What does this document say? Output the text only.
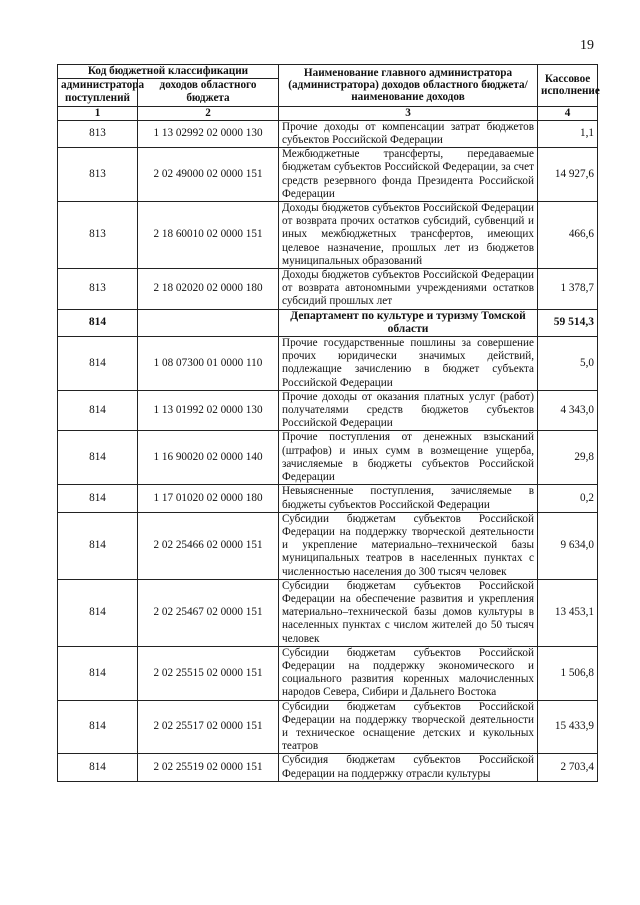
19
Код бюджетной классификации		Наименование главного администратора (администратора) доходов областного бюджета/ наименование доходов	Кассовое исполнение
администратора поступлений	доходов областного бюджета		
1	2	3	4
813	1 13 02992 02 0000 130	Прочие доходы от компенсации затрат бюджетов субъектов Российской Федерации	1,1
813	2 02 49000 02 0000 151	Межбюджетные трансферты, передаваемые бюджетам субъектов Российской Федерации, за счет средств резервного фонда Президента Российской Федерации	14 927,6
813	2 18 60010 02 0000 151	Доходы бюджетов субъектов Российской Федерации от возврата прочих остатков субсидий, субвенций и иных межбюджетных трансфертов, имеющих целевое назначение, прошлых лет из бюджетов муниципальных образований	466,6
813	2 18 02020 02 0000 180	Доходы бюджетов субъектов Российской Федерации от возврата автономными учреждениями остатков субсидий прошлых лет	1 378,7
814		Департамент по культуре и туризму Томской области	59 514,3
814	1 08 07300 01 0000 110	Прочие государственные пошлины за совершение прочих юридически значимых действий, подлежащие зачислению в бюджет субъекта Российской Федерации	5,0
814	1 13 01992 02 0000 130	Прочие доходы от оказания платных услуг (работ) получателями средств бюджетов субъектов Российской Федерации	4 343,0
814	1 16 90020 02 0000 140	Прочие поступления от денежных взысканий (штрафов) и иных сумм в возмещение ущерба, зачисляемые в бюджеты субъектов Российской Федерации	29,8
814	1 17 01020 02 0000 180	Невыясненные поступления, зачисляемые в бюджеты субъектов Российской Федерации	0,2
814	2 02 25466 02 0000 151	Субсидии бюджетам субъектов Российской Федерации на поддержку творческой деятельности и укрепление материально–технической базы муниципальных театров в населенных пунктах с численностью населения до 300 тысяч человек	9 634,0
814	2 02 25467 02 0000 151	Субсидии бюджетам субъектов Российской Федерации на обеспечение развития и укрепления материально–технической базы домов культуры в населенных пунктах с числом жителей до 50 тысяч человек	13 453,1
814	2 02 25515 02 0000 151	Субсидии бюджетам субъектов Российской Федерации на поддержку экономического и социального развития коренных малочисленных народов Севера, Сибири и Дальнего Востока	1 506,8
814	2 02 25517 02 0000 151	Субсидии бюджетам субъектов Российской Федерации на поддержку творческой деятельности и техническое оснащение детских и кукольных театров	15 433,9
814	2 02 25519 02 0000 151	Субсидия бюджетам субъектов Российской Федерации на поддержку отрасли культуры	2 703,4
